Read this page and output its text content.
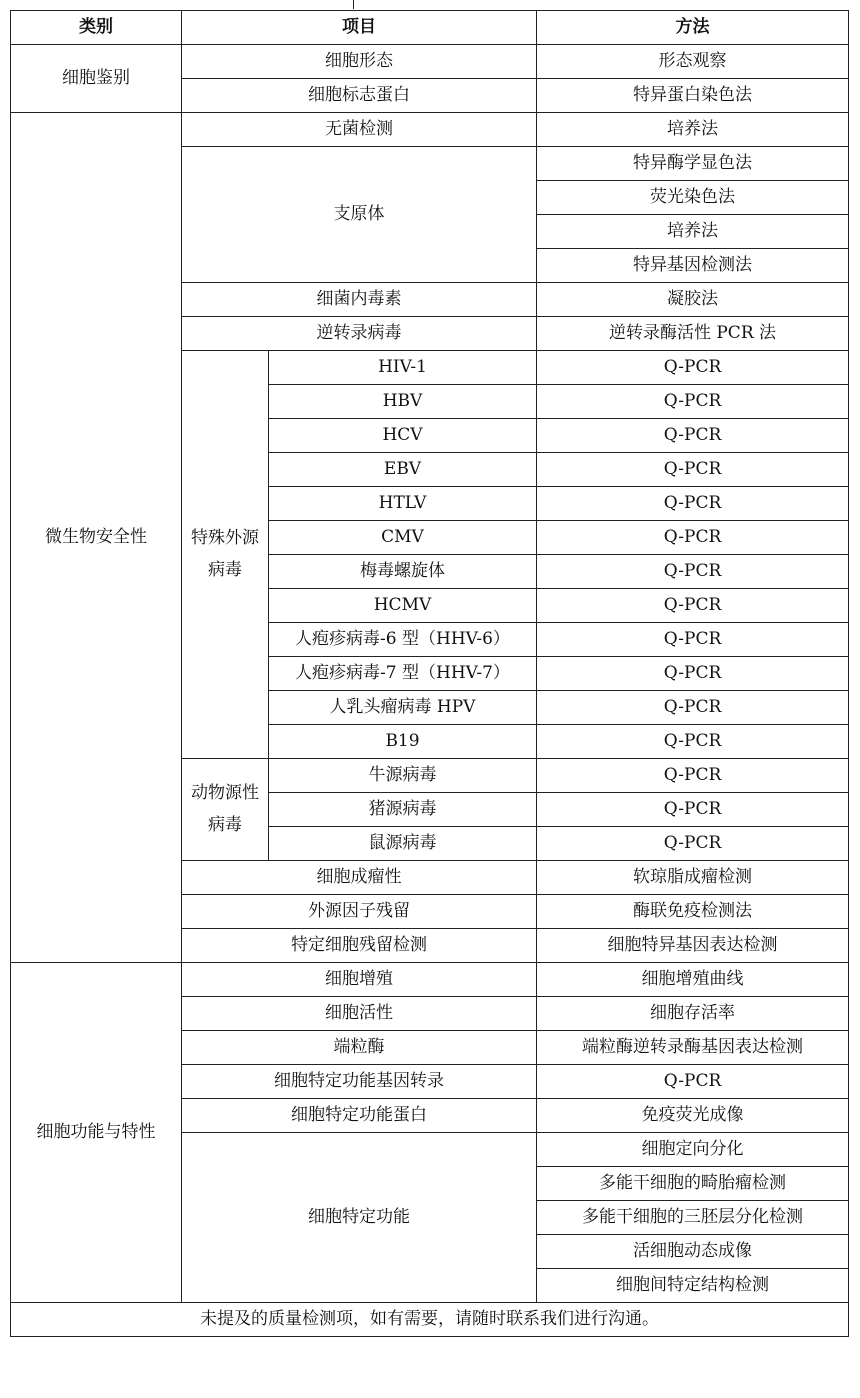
类别	项目		方法
细胞鉴别	细胞形态		形态观察
	细胞标志蛋白		特异蛋白染色法
微生物安全性	无菌检测		培养法
	支原体		特异酶学显色法
			荧光染色法
			培养法
			特异基因检测法
	细菌内毒素		凝胶法
	逆转录病毒		逆转录酶活性 PCR 法
	特殊外源病毒	HIV-1	Q-PCR
		HBV	Q-PCR
		HCV	Q-PCR
		EBV	Q-PCR
		HTLV	Q-PCR
		CMV	Q-PCR
		梅毒螺旋体	Q-PCR
		HCMV	Q-PCR
		人疱疹病毒-6 型（HHV-6）	Q-PCR
		人疱疹病毒-7 型（HHV-7）	Q-PCR
		人乳头瘤病毒 HPV	Q-PCR
		B19	Q-PCR
	动物源性病毒	牛源病毒	Q-PCR
		猪源病毒	Q-PCR
		鼠源病毒	Q-PCR
	细胞成瘤性		软琼脂成瘤检测
	外源因子残留		酶联免疫检测法
	特定细胞残留检测		细胞特异基因表达检测
细胞功能与特性	细胞增殖		细胞增殖曲线
	细胞活性		细胞存活率
	端粒酶		端粒酶逆转录酶基因表达检测
	细胞特定功能基因转录		Q-PCR
	细胞特定功能蛋白		免疫荧光成像
	细胞特定功能		细胞定向分化
			多能干细胞的畸胎瘤检测
			多能干细胞的三胚层分化检测
			活细胞动态成像
			细胞间特定结构检测
未提及的质量检测项，如有需要，请随时联系我们进行沟通。			
